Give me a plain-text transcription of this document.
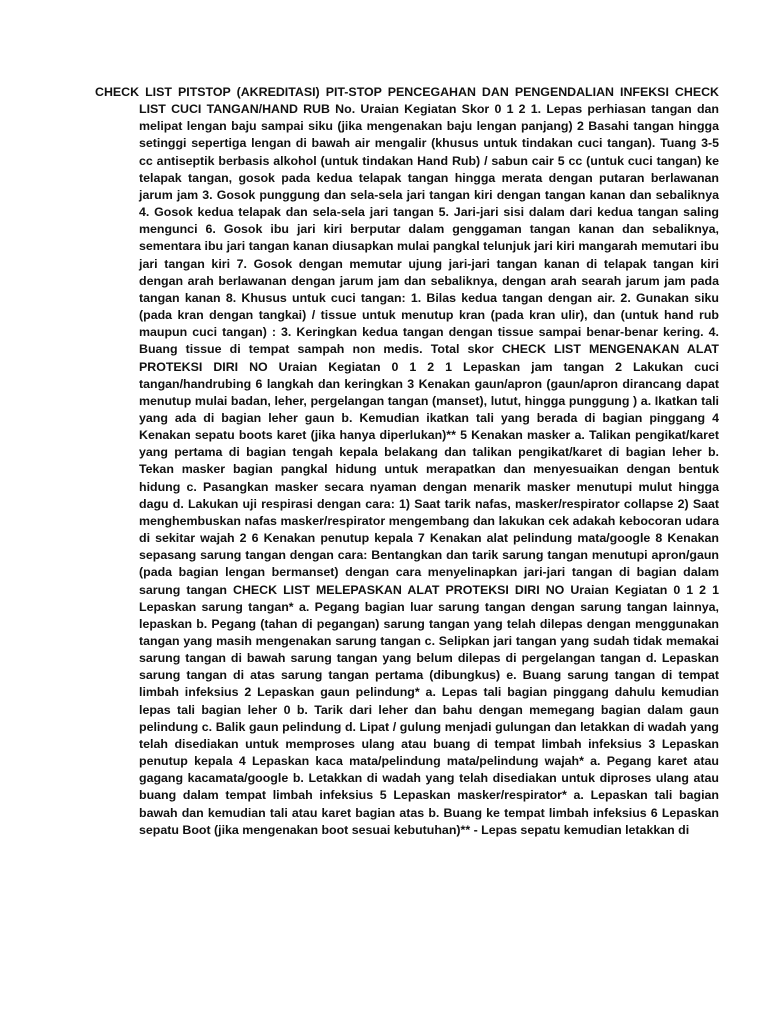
CHECK LIST PITSTOP (AKREDITASI) PIT-STOP PENCEGAHAN DAN PENGENDALIAN INFEKSI CHECK LIST CUCI TANGAN/HAND RUB No. Uraian Kegiatan Skor 0 1 2 1. Lepas perhiasan tangan dan melipat lengan baju sampai siku (jika mengenakan baju lengan panjang) 2 Basahi tangan hingga setinggi sepertiga lengan di bawah air mengalir (khusus untuk tindakan cuci tangan). Tuang 3-5 cc antiseptik berbasis alkohol (untuk tindakan Hand Rub) / sabun cair 5 cc (untuk cuci tangan) ke telapak tangan, gosok pada kedua telapak tangan hingga merata dengan putaran berlawanan jarum jam 3. Gosok punggung dan sela-sela jari tangan kiri dengan tangan kanan dan sebaliknya 4. Gosok kedua telapak dan sela-sela jari tangan 5. Jari-jari sisi dalam dari kedua tangan saling mengunci 6. Gosok ibu jari kiri berputar dalam genggaman tangan kanan dan sebaliknya, sementara ibu jari tangan kanan diusapkan mulai pangkal telunjuk jari kiri mangarah memutari ibu jari tangan kiri 7. Gosok dengan memutar ujung jari-jari tangan kanan di telapak tangan kiri dengan arah berlawanan dengan jarum jam dan sebaliknya, dengan arah searah jarum jam pada tangan kanan 8. Khusus untuk cuci tangan: 1. Bilas kedua tangan dengan air. 2. Gunakan siku (pada kran dengan tangkai) / tissue untuk menutup kran (pada kran ulir), dan (untuk hand rub maupun cuci tangan) : 3. Keringkan kedua tangan dengan tissue sampai benar-benar kering. 4. Buang tissue di tempat sampah non medis. Total skor CHECK LIST MENGENAKAN ALAT PROTEKSI DIRI NO Uraian Kegiatan 0 1 2 1 Lepaskan jam tangan 2 Lakukan cuci tangan/handrubing 6 langkah dan keringkan 3 Kenakan gaun/apron (gaun/apron dirancang dapat menutup mulai badan, leher, pergelangan tangan (manset), lutut, hingga punggung ) a. Ikatkan tali yang ada di bagian leher gaun b. Kemudian ikatkan tali yang berada di bagian pinggang 4 Kenakan sepatu boots karet (jika hanya diperlukan)** 5 Kenakan masker a. Talikan pengikat/karet yang pertama di bagian tengah kepala belakang dan talikan pengikat/karet di bagian leher b. Tekan masker bagian pangkal hidung untuk merapatkan dan menyesuaikan dengan bentuk hidung c. Pasangkan masker secara nyaman dengan menarik masker menutupi mulut hingga dagu d. Lakukan uji respirasi dengan cara: 1) Saat tarik nafas, masker/respirator collapse 2) Saat menghembuskan nafas masker/respirator mengembang dan lakukan cek adakah kebocoran udara di sekitar wajah 2 6 Kenakan penutup kepala 7 Kenakan alat pelindung mata/google 8 Kenakan sepasang sarung tangan dengan cara: Bentangkan dan tarik sarung tangan menutupi apron/gaun (pada bagian lengan bermanset) dengan cara menyelinapkan jari-jari tangan di bagian dalam sarung tangan CHECK LIST MELEPASKAN ALAT PROTEKSI DIRI NO Uraian Kegiatan 0 1 2 1 Lepaskan sarung tangan* a. Pegang bagian luar sarung tangan dengan sarung tangan lainnya, lepaskan b. Pegang (tahan di pegangan) sarung tangan yang telah dilepas dengan menggunakan tangan yang masih mengenakan sarung tangan c. Selipkan jari tangan yang sudah tidak memakai sarung tangan di bawah sarung tangan yang belum dilepas di pergelangan tangan d. Lepaskan sarung tangan di atas sarung tangan pertama (dibungkus) e. Buang sarung tangan di tempat limbah infeksius 2 Lepaskan gaun pelindung* a. Lepas tali bagian pinggang dahulu kemudian lepas tali bagian leher 0 b. Tarik dari leher dan bahu dengan memegang bagian dalam gaun pelindung c. Balik gaun pelindung d. Lipat / gulung menjadi gulungan dan letakkan di wadah yang telah disediakan untuk memproses ulang atau buang di tempat limbah infeksius 3 Lepaskan penutup kepala 4 Lepaskan kaca mata/pelindung mata/pelindung wajah* a. Pegang karet atau gagang kacamata/google b. Letakkan di wadah yang telah disediakan untuk diproses ulang atau buang dalam tempat limbah infeksius 5 Lepaskan masker/respirator* a. Lepaskan tali bagian bawah dan kemudian tali atau karet bagian atas b. Buang ke tempat limbah infeksius 6 Lepaskan sepatu Boot (jika mengenakan boot sesuai kebutuhan)** - Lepas sepatu kemudian letakkan di
